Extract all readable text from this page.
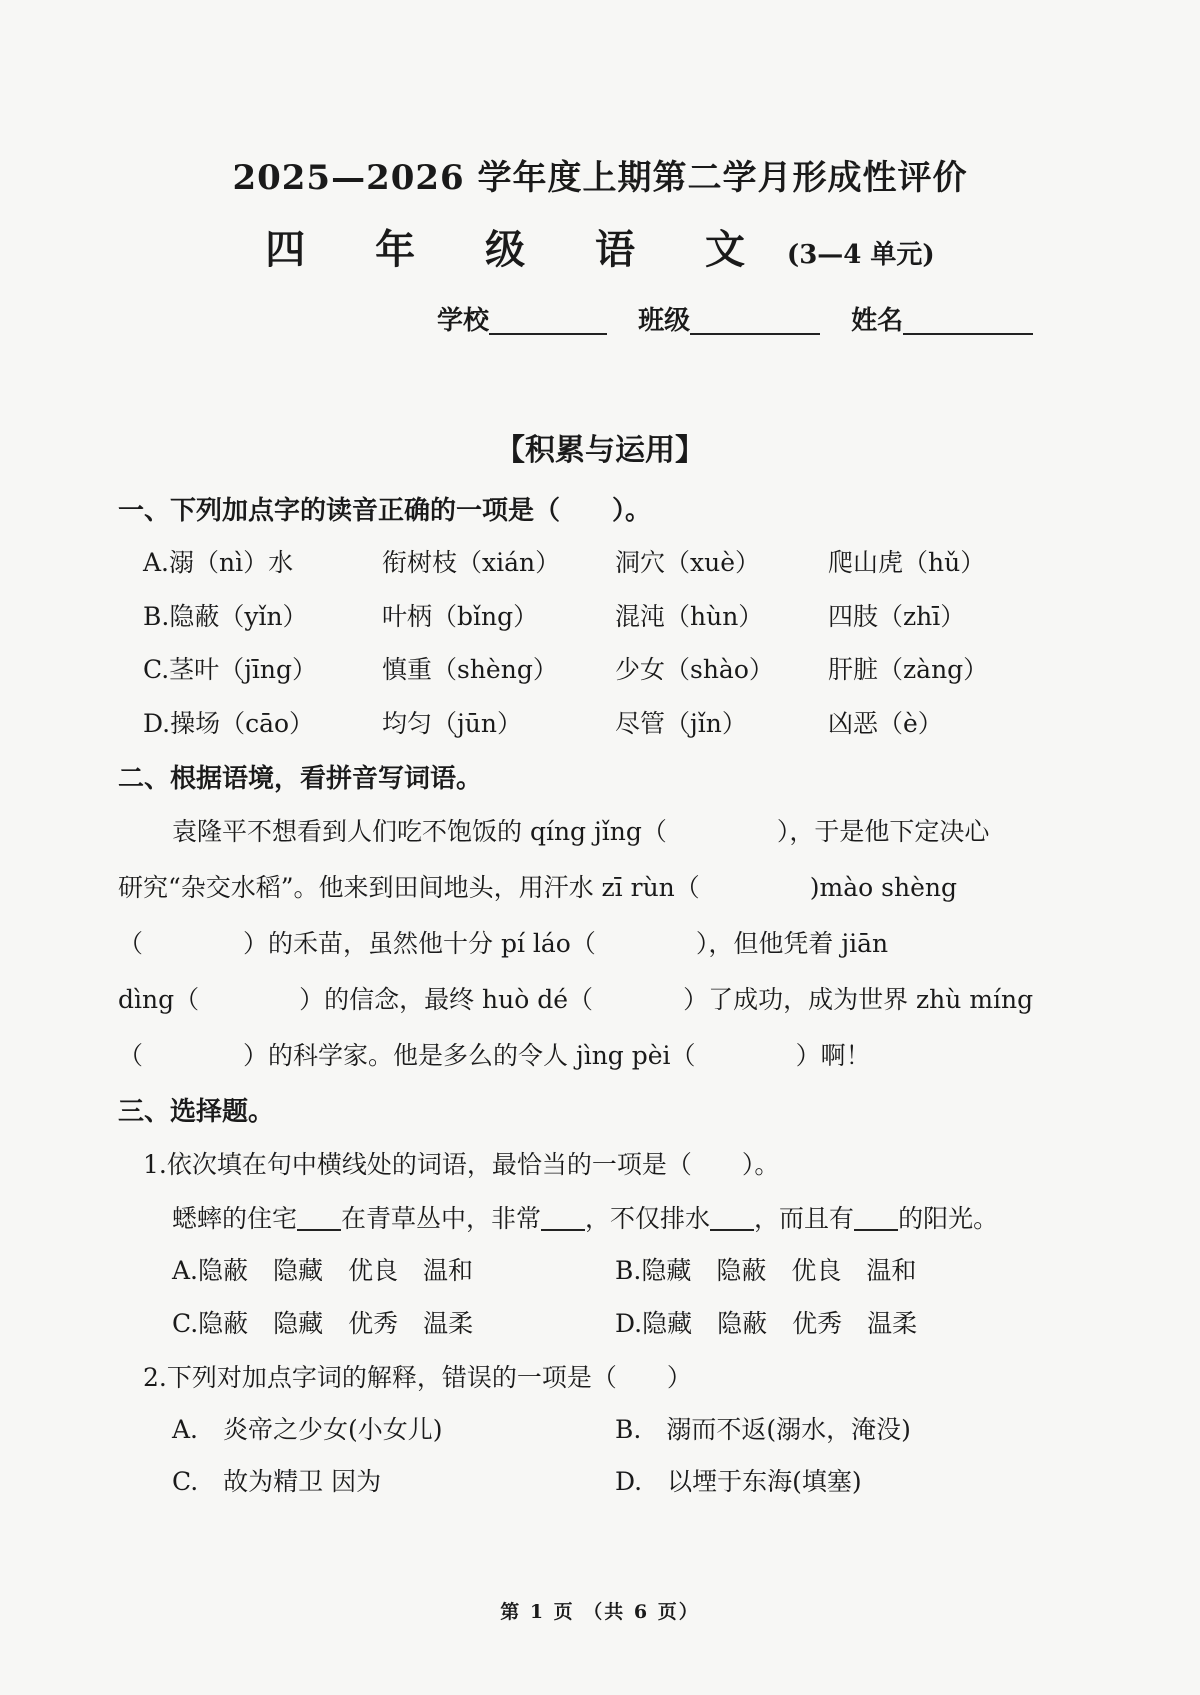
2025—2026 学年度上期第二学月形成性评价
四 年 级 语 文 (3—4 单元)
学校	班级	姓名
【积累与运用】
一、下列加点字的读音正确的一项是（　　）。
A.溺（nì）水	衔树枝（xián） 洞穴（xuè）	爬山虎（hǔ）
B.隐蔽（yǐn）	叶柄（bǐng）	混沌（hùn）	四肢（zhī）
C.茎叶（jīng）	慎重（shèng） 少女（shào） 肝脏（zàng）
D.操场（cāo）	均匀（jūn）	尽管（jǐn）	凶恶（è）
二、根据语境，看拼音写词语。
袁隆平不想看到人们吃不饱饭的 qíng jǐng（	），于是他下定决心
研究“杂交水稻”。他来到田间地头，用汗水 zī rùn（	)mào shèng
（	）的禾苗，虽然他十分 pí láo（	），但他凭着 jiān
dìng（	）的信念，最终 huò dé（	）了成功，成为世界 zhù míng
（	）的科学家。他是多么的令人 jìng pèi（	）啊！
三、选择题。
1.依次填在句中横线处的词语，最恰当的一项是（　　）。
蟋蟀的住宅 在青草丛中，非常 ，不仅排水 ，而且有 的阳光。
A.隐蔽　隐藏　优良　温和	B.隐藏　隐蔽　优良　温和
C.隐蔽　隐藏　优秀　温柔	D.隐藏　隐蔽　优秀　温柔
2.下列对加点字词的解释，错误的一项是（　　）
A.　炎帝之少女(小女儿)	B.　溺而不返(溺水，淹没)
C.　故为精卫 因为	D.　以堙于东海(填塞)
第 1 页 （共 6 页）
